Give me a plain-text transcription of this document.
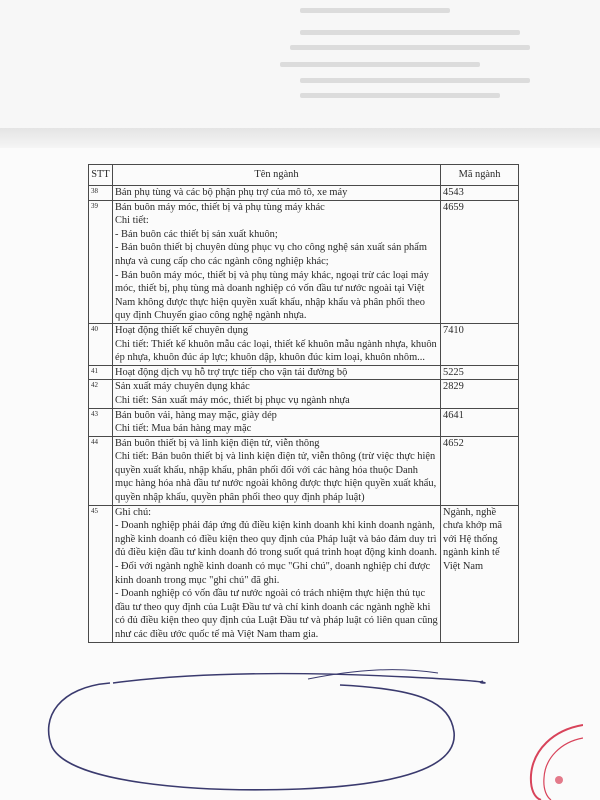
STT	Tên ngành	Mã ngành
38	Bán phụ tùng và các bộ phận phụ trợ của mô tô, xe máy	4543
39	Bán buôn máy móc, thiết bị và phụ tùng máy khác
Chi tiết:
- Bán buôn các thiết bị sản xuất khuôn;
- Bán buôn thiết bị chuyên dùng phục vụ cho công nghệ sản xuất sản phẩm nhựa và cung cấp cho các ngành công nghiệp khác;
- Bán buôn máy móc, thiết bị và phụ tùng máy khác, ngoại trừ các loại máy móc, thiết bị, phụ tùng mà doanh nghiệp có vốn đầu tư nước ngoài tại Việt Nam không được thực hiện quyền xuất khẩu, nhập khẩu và phân phối theo quy định Chuyển giao công nghệ ngành nhựa.	4659
40	Hoạt động thiết kế chuyên dụng
Chi tiết: Thiết kế khuôn mẫu các loại, thiết kế khuôn mẫu ngành nhựa, khuôn ép nhựa, khuôn đúc áp lực; khuôn dập, khuôn đúc kim loại, khuôn nhôm...	7410
41	Hoạt động dịch vụ hỗ trợ trực tiếp cho vận tải đường bộ	5225
42	Sản xuất máy chuyên dụng khác
Chi tiết: Sản xuất máy móc, thiết bị phục vụ ngành nhựa	2829
43	Bán buôn vải, hàng may mặc, giày dép
Chi tiết: Mua bán hàng may mặc	4641
44	Bán buôn thiết bị và linh kiện điện tử, viễn thông
Chi tiết: Bán buôn thiết bị và linh kiện điện tử, viễn thông (trừ việc thực hiện quyền xuất khẩu, nhập khẩu, phân phối đối với các hàng hóa thuộc Danh mục hàng hóa nhà đầu tư nước ngoài không được thực hiện quyền xuất khẩu, quyền nhập khẩu, quyền phân phối theo quy định pháp luật)	4652
45	Ghi chú:
- Doanh nghiệp phải đáp ứng đủ điều kiện kinh doanh khi kinh doanh ngành, nghề kinh doanh có điều kiện theo quy định của Pháp luật và bảo đảm duy trì đủ điều kiện đầu tư kinh doanh đó trong suốt quá trình hoạt động kinh doanh.
- Đối với ngành nghề kinh doanh có mục "Ghi chú", doanh nghiệp chỉ được kinh doanh trong mục "ghi chú" đã ghi.
- Doanh nghiệp có vốn đầu tư nước ngoài có trách nhiệm thực hiện thủ tục đầu tư theo quy định của Luật Đầu tư và chỉ kinh doanh các ngành nghề khi có đủ điều kiện theo quy định của Luật Đầu tư và pháp luật có liên quan cũng như các điều ước quốc tế mà Việt Nam tham gia.	Ngành, nghề chưa khớp mã với Hệ thống ngành kinh tế Việt Nam
